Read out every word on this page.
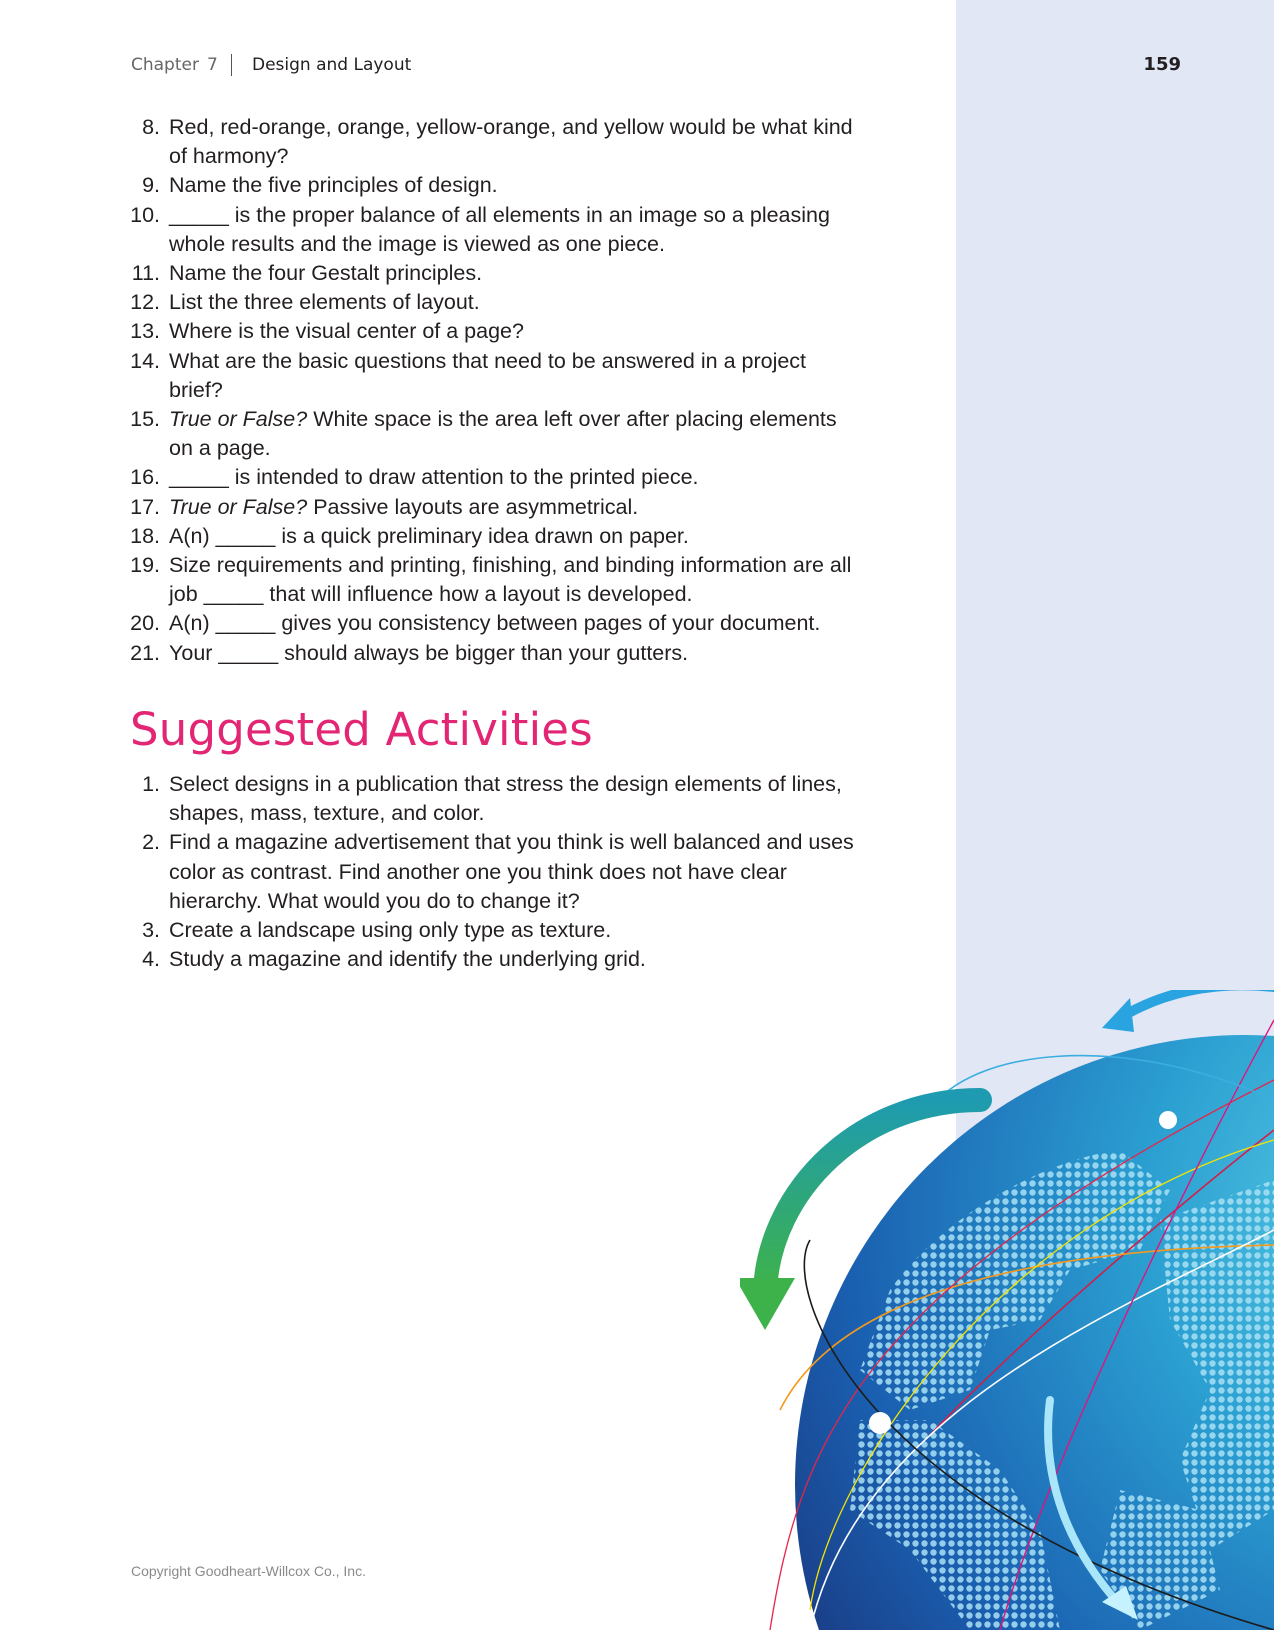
Chapter 7 Design and Layout	159
8. Red, red-orange, orange, yellow-orange, and yellow would be what kind of harmony?
9. Name the five principles of design.
10. _____ is the proper balance of all elements in an image so a pleasing whole results and the image is viewed as one piece.
11. Name the four Gestalt principles.
12. List the three elements of layout.
13. Where is the visual center of a page?
14. What are the basic questions that need to be answered in a project brief?
15. True or False? White space is the area left over after placing elements on a page.
16. _____ is intended to draw attention to the printed piece.
17. True or False? Passive layouts are asymmetrical.
18. A(n) _____ is a quick preliminary idea drawn on paper.
19. Size requirements and printing, finishing, and binding information are all job _____ that will influence how a layout is developed.
20. A(n) _____ gives you consistency between pages of your document.
21. Your _____ should always be bigger than your gutters.
Suggested Activities
1. Select designs in a publication that stress the design elements of lines, shapes, mass, texture, and color.
2. Find a magazine advertisement that you think is well balanced and uses color as contrast. Find another one you think does not have clear hierarchy. What would you do to change it?
3. Create a landscape using only type as texture.
4. Study a magazine and identify the underlying grid.
Copyright Goodheart-Willcox Co., Inc.
